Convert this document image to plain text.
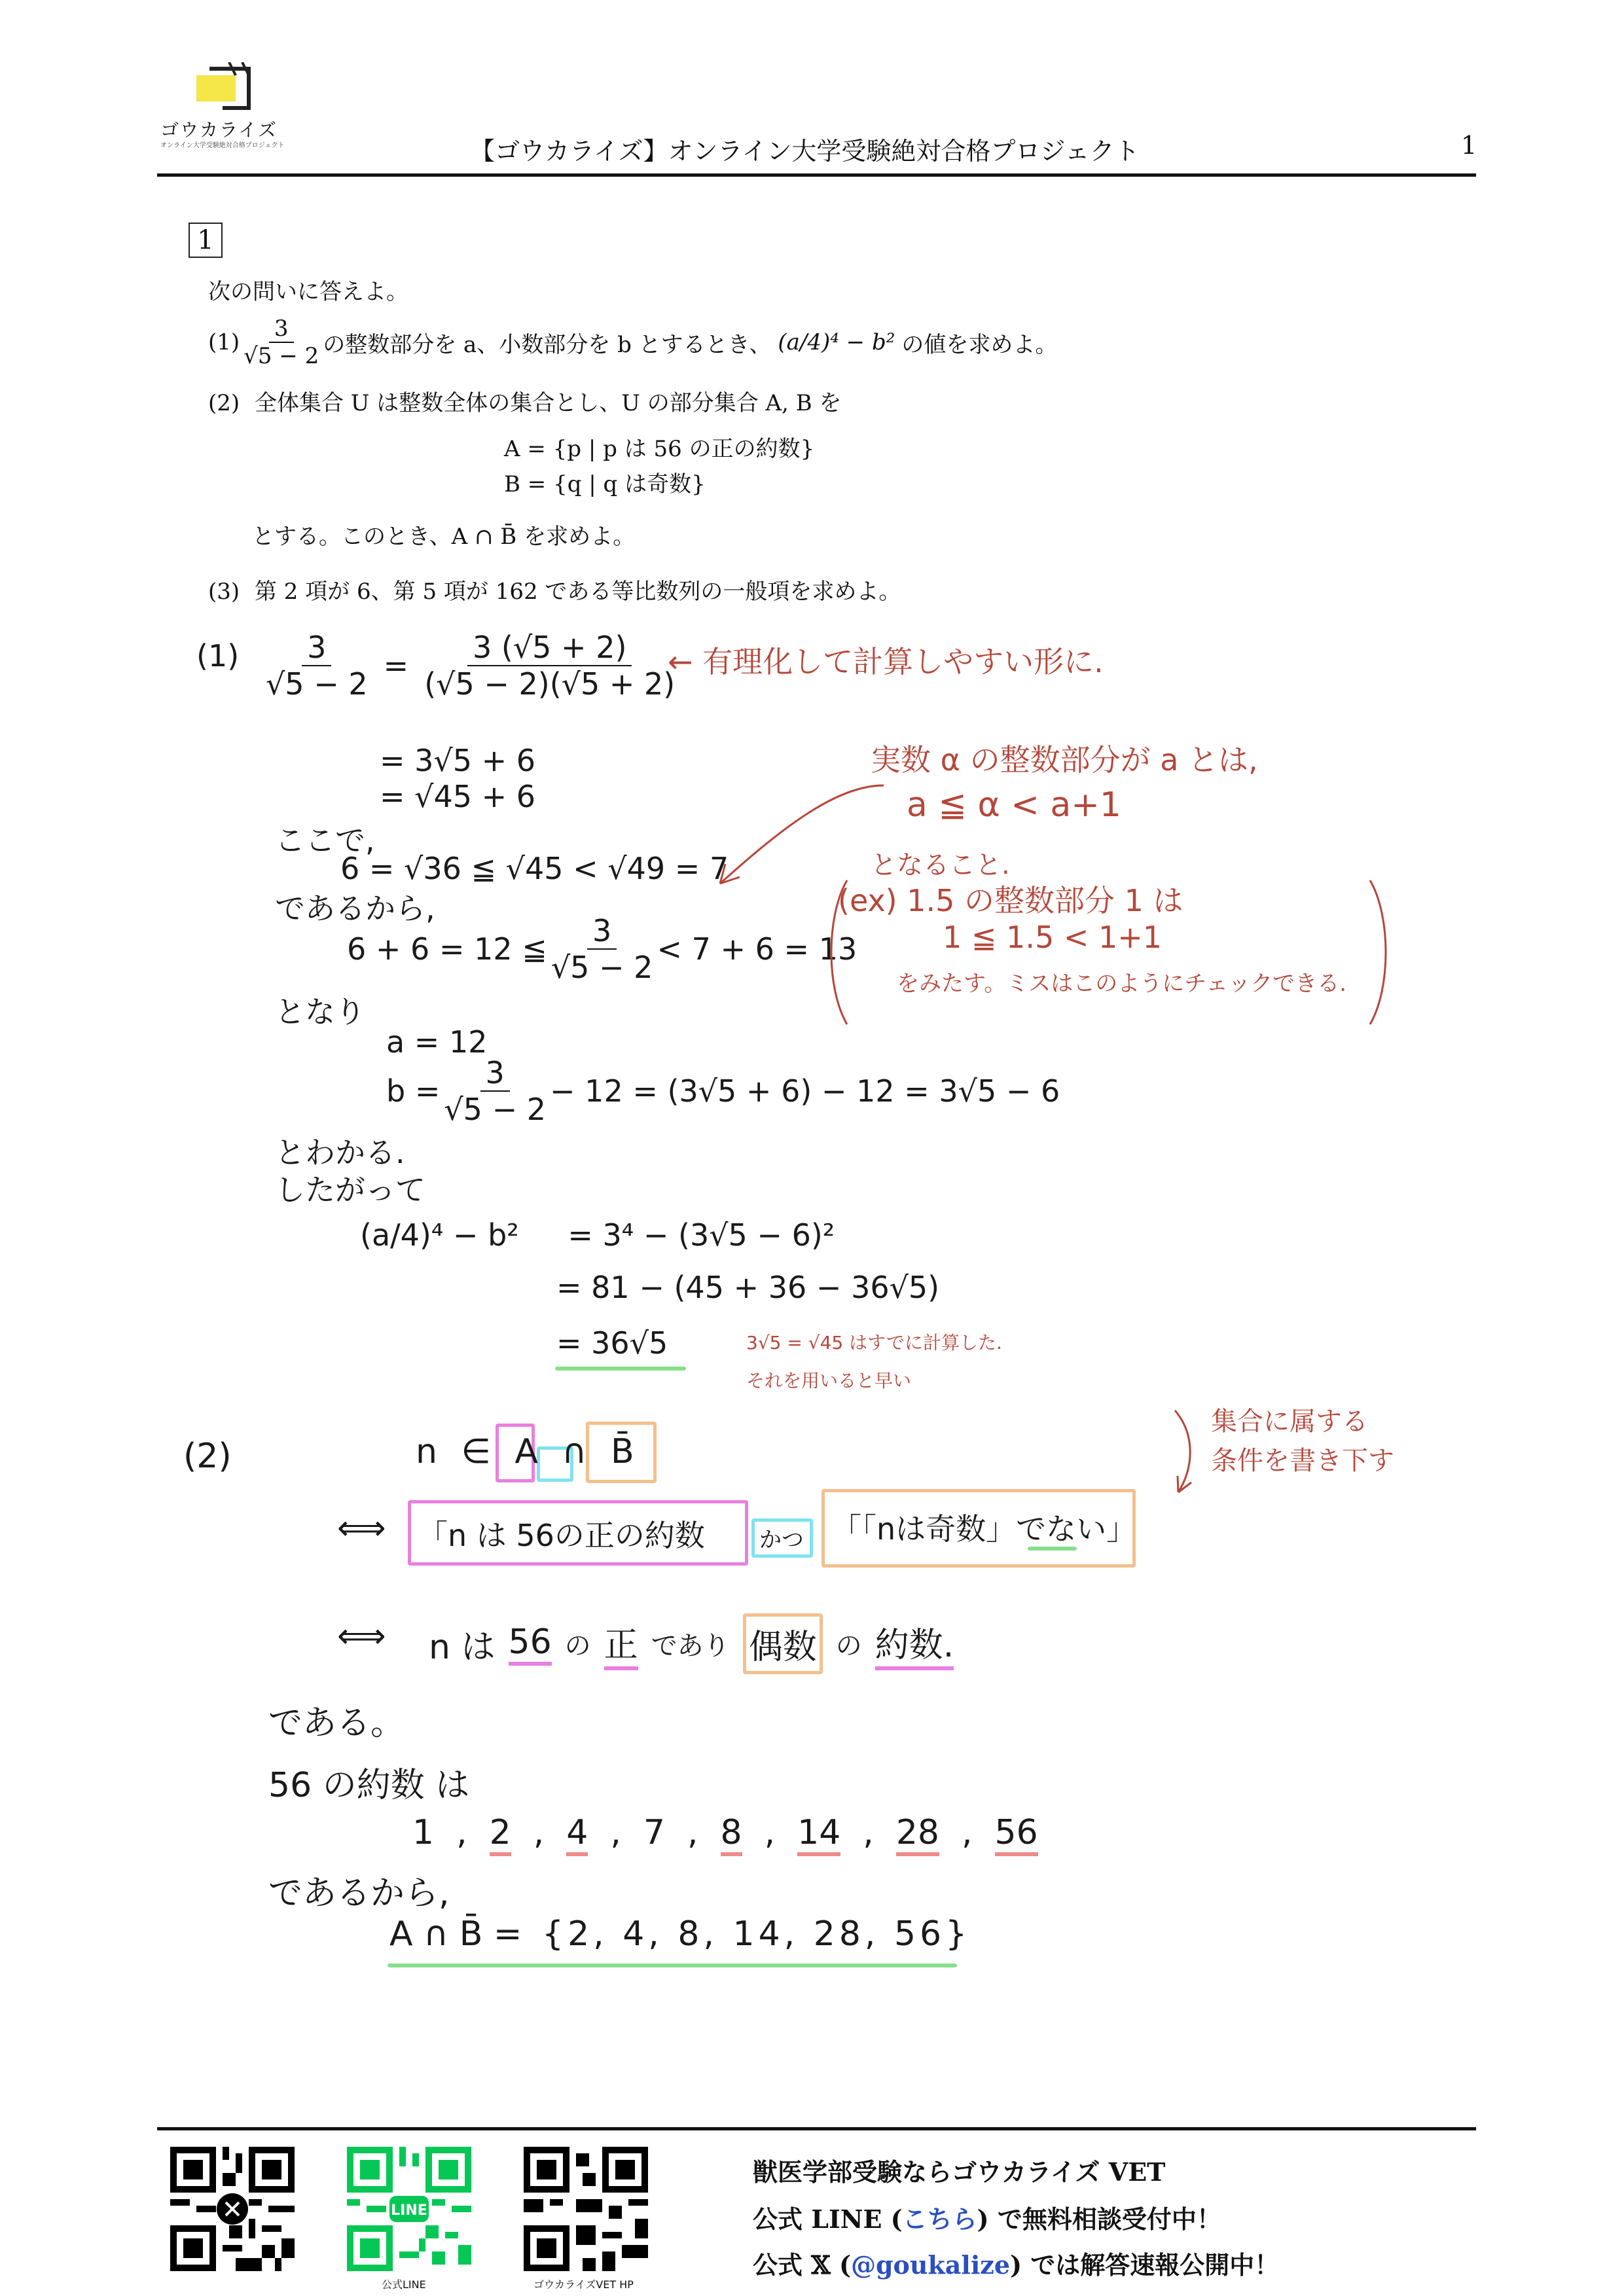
ゴウカライズ
オンライン大学受験絶対合格プロジェクト	【ゴウカライズ】オンライン大学受験絶対合格プロジェクト	1
1
次の問いに答えよ。
$(1) \frac{3}{√5 - 2}$ の整数部分を a、小数部分を b とするとき、 (a/4)⁴ − b² の値を求めよ。
(2) 全体集合 U は整数全体の集合とし、U の部分集合 A, B を
A = {p | p は 56 の正の約数}
B = {q | q は奇数}
とする。このとき、A ∩ B̄ を求めよ。
(3) 第 2 項が 6、第 5 項が 162 である等比数列の一般項を求めよ。
$(1) \frac{3}{√5 - 2} = \frac{3 (√5 + 2)}{(√5 - 2)(√5 + 2)}$
← 有理化して計算しやすい形に.
= 3√5 + 6
= √45 + 6
ここで,
6 = √36 ≦ √45 < √49 = 7
であるから,
6 + 6 = 12 ≦ $\frac{3}{√5 - 2} < 7 + 6 = 13$
となり
a = 12
$b = \frac{3}{√5 - 2} - 12 = (3√5 + 6) - 12 = 3√5 - 6$
とわかる.
したがって
(a/4)⁴ − b² = 3⁴ − (3√5 − 6)²
= 81 − (45 + 36 − 36√5)
= 36√5
実数 α の整数部分が a とは,
a ≦ α < a+1
となること.
(ex) 1.5 の整数部分 1 は
1 ≦ 1.5 < 1+1
をみたす。ミスはこのようにチェックできる.
3√5 = √45 はすでに計算した.
それを用いると早い
(2)	n ∈ A ∩ B̄
集合に属する
条件を書き下す
⟺ 「n は 56の正の約数 かつ 「「nは奇数」でない」
⟺ n は 56 の 正 であり 偶数 の 約数.
である。
56 の約数 は
1 , 2 , 4 , 7 , 8 , 14 , 28 , 56
であるから,
A ∩ B̄ = {2, 4, 8, 14, 28, 56}
LINE
公式LINE	ゴウカライズVET HP
獣医学部受験ならゴウカライズ VET
公式 LINE (こちら) で無料相談受付中！
公式 𝕏 (@goukalize) では解答速報公開中！
